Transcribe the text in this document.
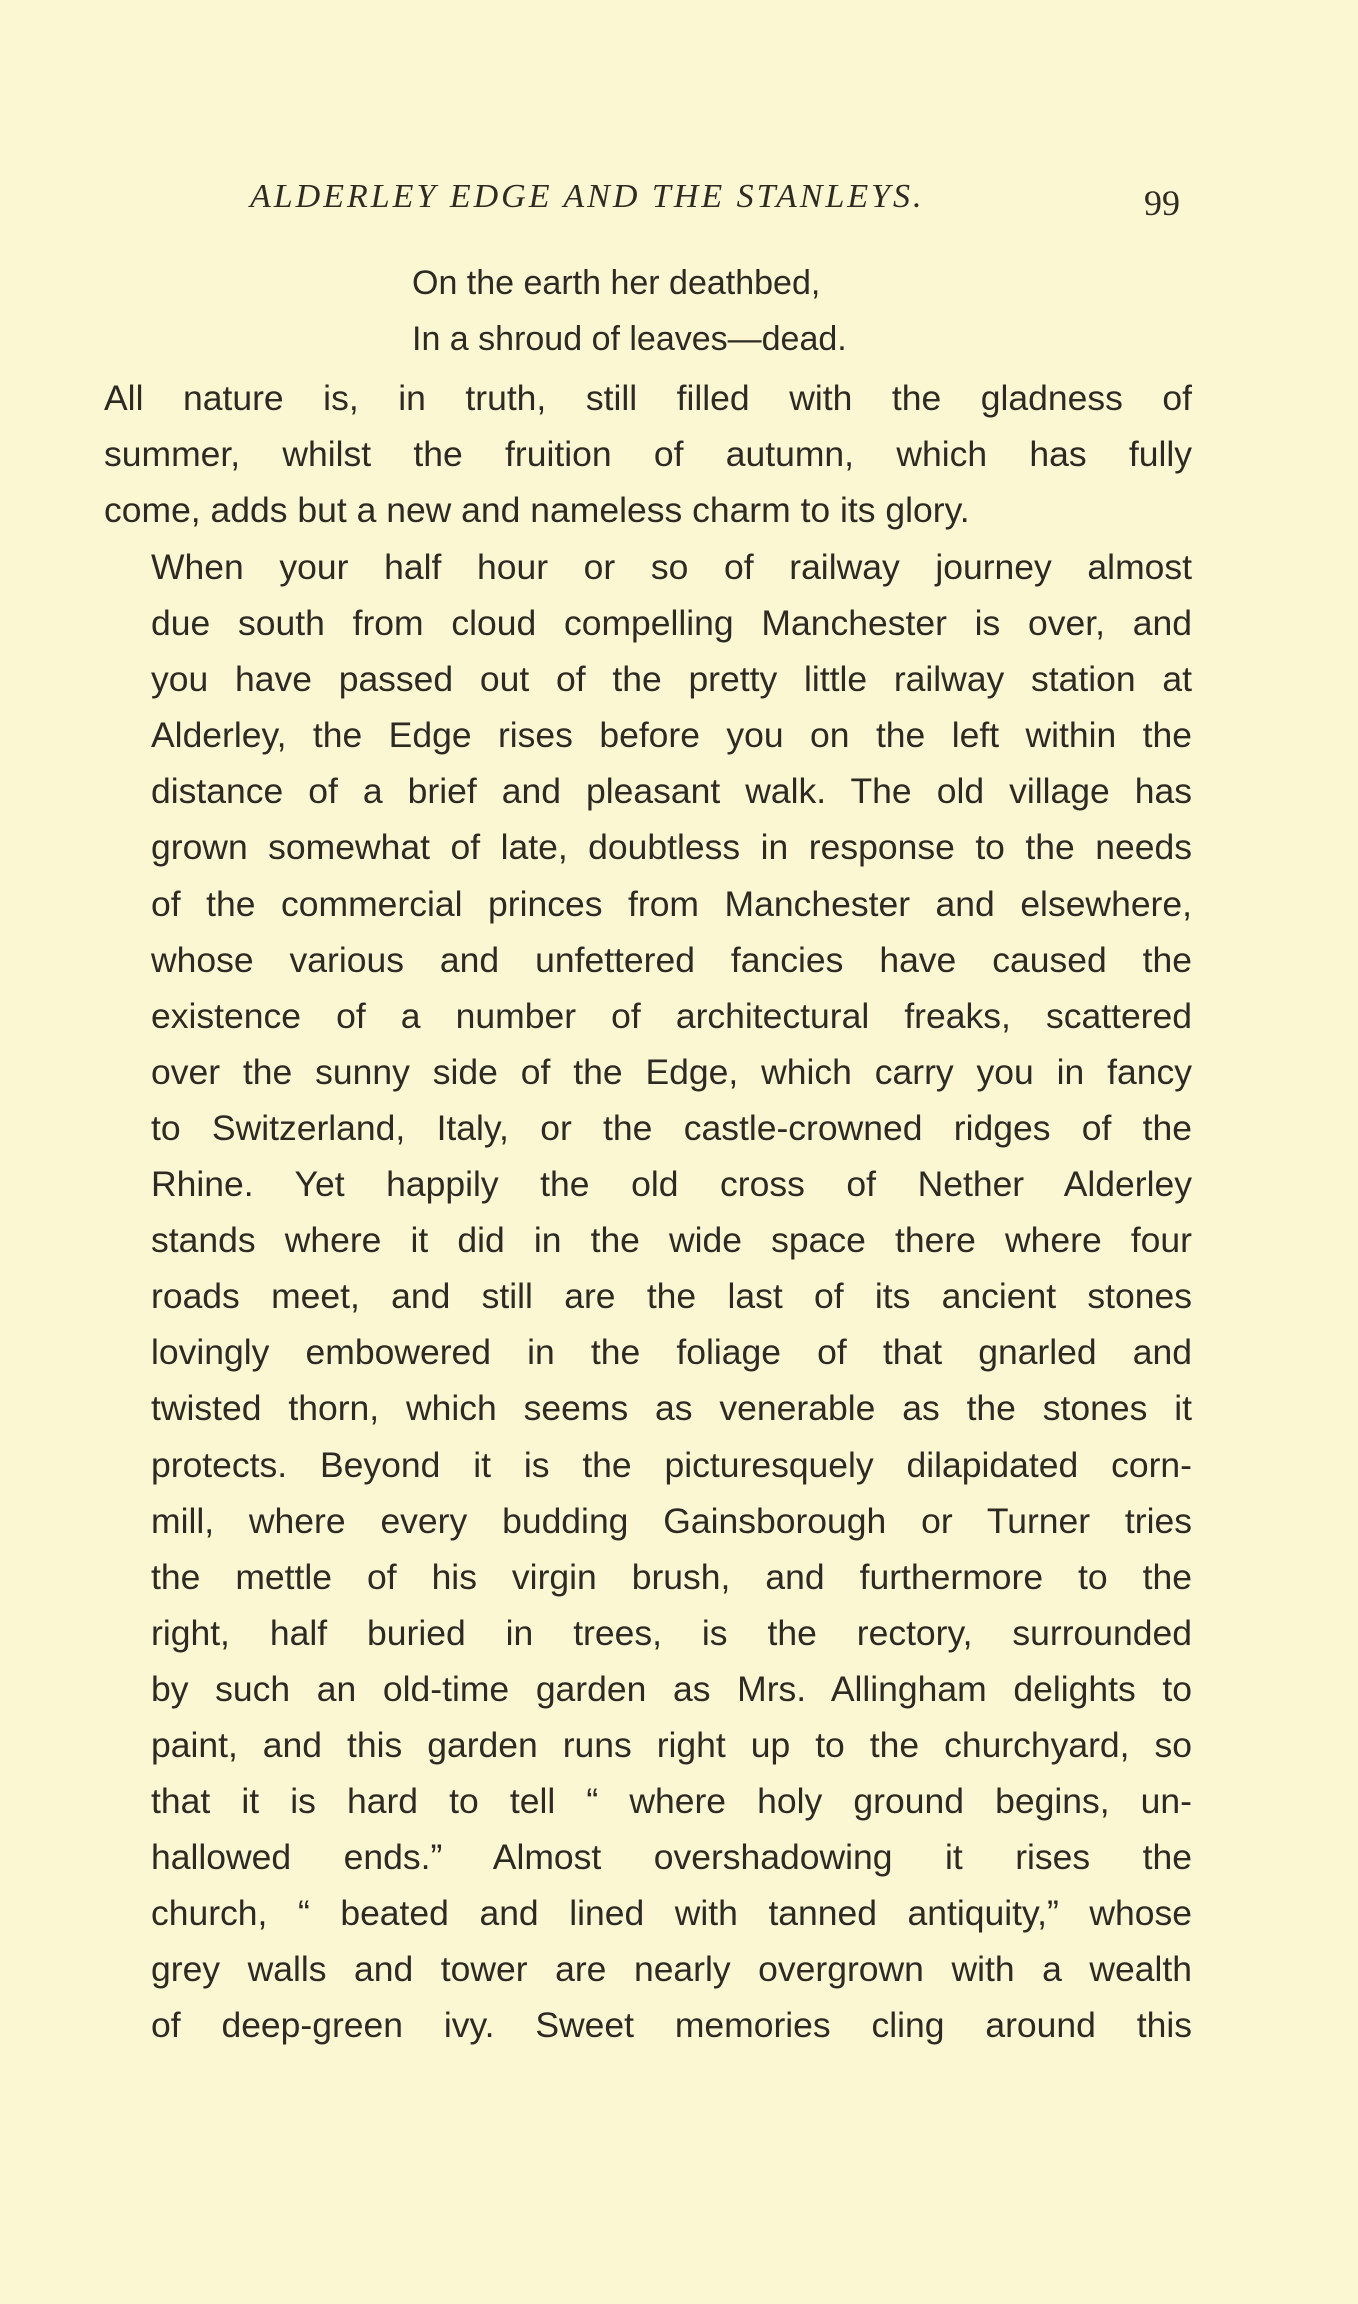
ALDERLEY EDGE AND THE STANLEYS.	99
On the earth her deathbed,
In a shroud of leaves—dead.
All nature is, in truth, still filled with the gladness of
summer, whilst the fruition of autumn, which has fully
come, adds but a new and nameless charm to its glory.
When your half hour or so of railway journey almost
due south from cloud compelling Manchester is over, and
you have passed out of the pretty little railway station at
Alderley, the Edge rises before you on the left within the
distance of a brief and pleasant walk. The old village has
grown somewhat of late, doubtless in response to the needs
of the commercial princes from Manchester and elsewhere,
whose various and unfettered fancies have caused the
existence of a number of architectural freaks, scattered
over the sunny side of the Edge, which carry you in fancy
to Switzerland, Italy, or the castle-crowned ridges of the
Rhine. Yet happily the old cross of Nether Alderley
stands where it did in the wide space there where four
roads meet, and still are the last of its ancient stones
lovingly embowered in the foliage of that gnarled and
twisted thorn, which seems as venerable as the stones it
protects. Beyond it is the picturesquely dilapidated corn-
mill, where every budding Gainsborough or Turner tries
the mettle of his virgin brush, and furthermore to the
right, half buried in trees, is the rectory, surrounded
by such an old-time garden as Mrs. Allingham delights to
paint, and this garden runs right up to the churchyard, so
that it is hard to tell “ where holy ground begins, un-
hallowed ends.” Almost overshadowing it rises the
church, “ beated and lined with tanned antiquity,” whose
grey walls and tower are nearly overgrown with a wealth
of deep-green ivy. Sweet memories cling around this
